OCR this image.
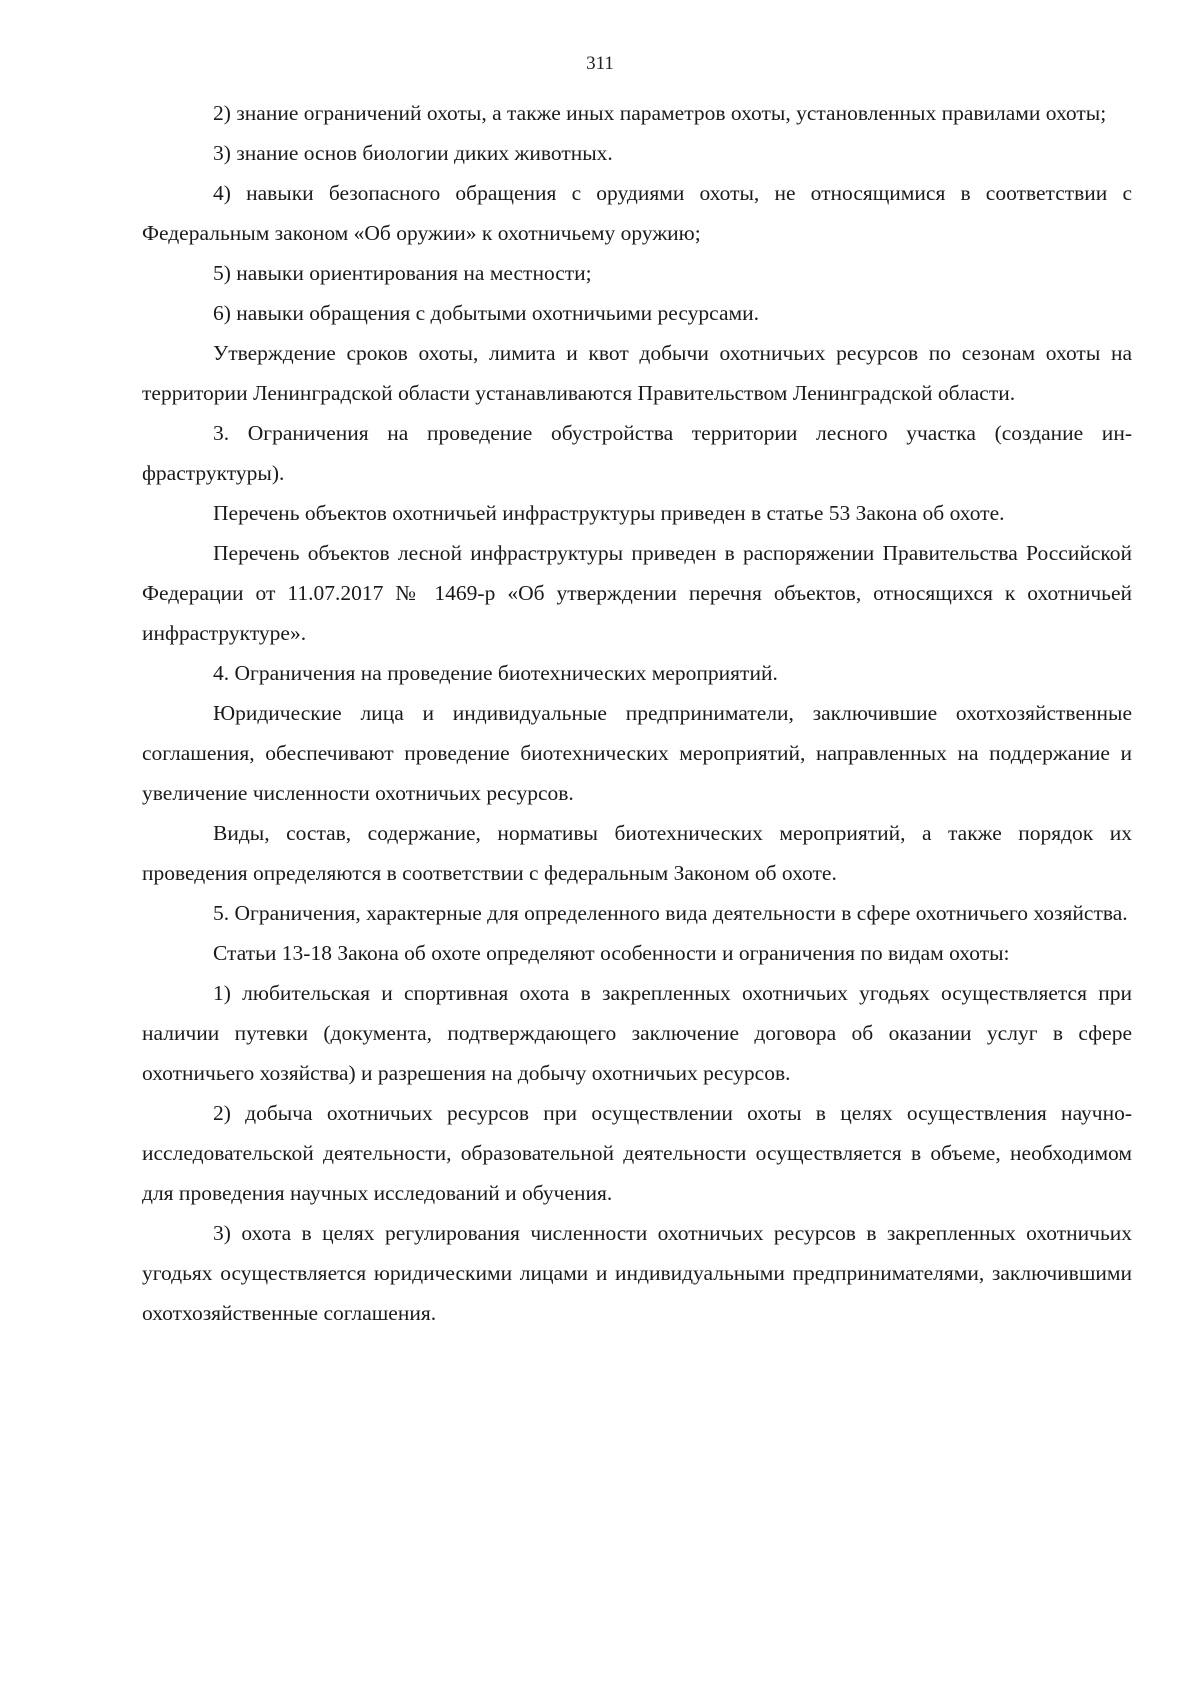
311

2) знание ограничений охоты, а также иных параметров охоты, установленных правилами охоты;

3) знание основ биологии диких животных.

4) навыки безопасного обращения с орудиями охоты, не относящимися в соответствии с Федеральным законом «Об оружии» к охотничьему оружию;

5) навыки ориентирования на местности;

6) навыки обращения с добытыми охотничьими ресурсами.

Утверждение сроков охоты, лимита и квот добычи охотничьих ресурсов по сезонам охоты на территории Ленинградской области устанавливаются Правительством Ленинградской области.

3. Ограничения на проведение обустройства территории лесного участка (создание инфраструктуры).

Перечень объектов охотничьей инфраструктуры приведен в статье 53 Закона об охоте.

Перечень объектов лесной инфраструктуры приведен в распоряжении Правительства Российской Федерации от 11.07.2017 № 1469-р «Об утверждении перечня объектов, относящихся к охотничьей инфраструктуре».

4. Ограничения на проведение биотехнических мероприятий.

Юридические лица и индивидуальные предприниматели, заключившие охотхозяйственные соглашения, обеспечивают проведение биотехнических мероприятий, направленных на поддержание и увеличение численности охотничьих ресурсов.

Виды, состав, содержание, нормативы биотехнических мероприятий, а также порядок их проведения определяются в соответствии с федеральным Законом об охоте.

5. Ограничения, характерные для определенного вида деятельности в сфере охотничьего хозяйства.

Статьи 13-18 Закона об охоте определяют особенности и ограничения по видам охоты:

1) любительская и спортивная охота в закрепленных охотничьих угодьях осуществляется при наличии путевки (документа, подтверждающего заключение договора об оказании услуг в сфере охотничьего хозяйства) и разрешения на добычу охотничьих ресурсов.

2) добыча охотничьих ресурсов при осуществлении охоты в целях осуществления научно-исследовательской деятельности, образовательной деятельности осуществляется в объеме, необходимом для проведения научных исследований и обучения.

3) охота в целях регулирования численности охотничьих ресурсов в закрепленных охотничьих угодьях осуществляется юридическими лицами и индивидуальными предпринимателями, заключившими охотхозяйственные соглашения.
